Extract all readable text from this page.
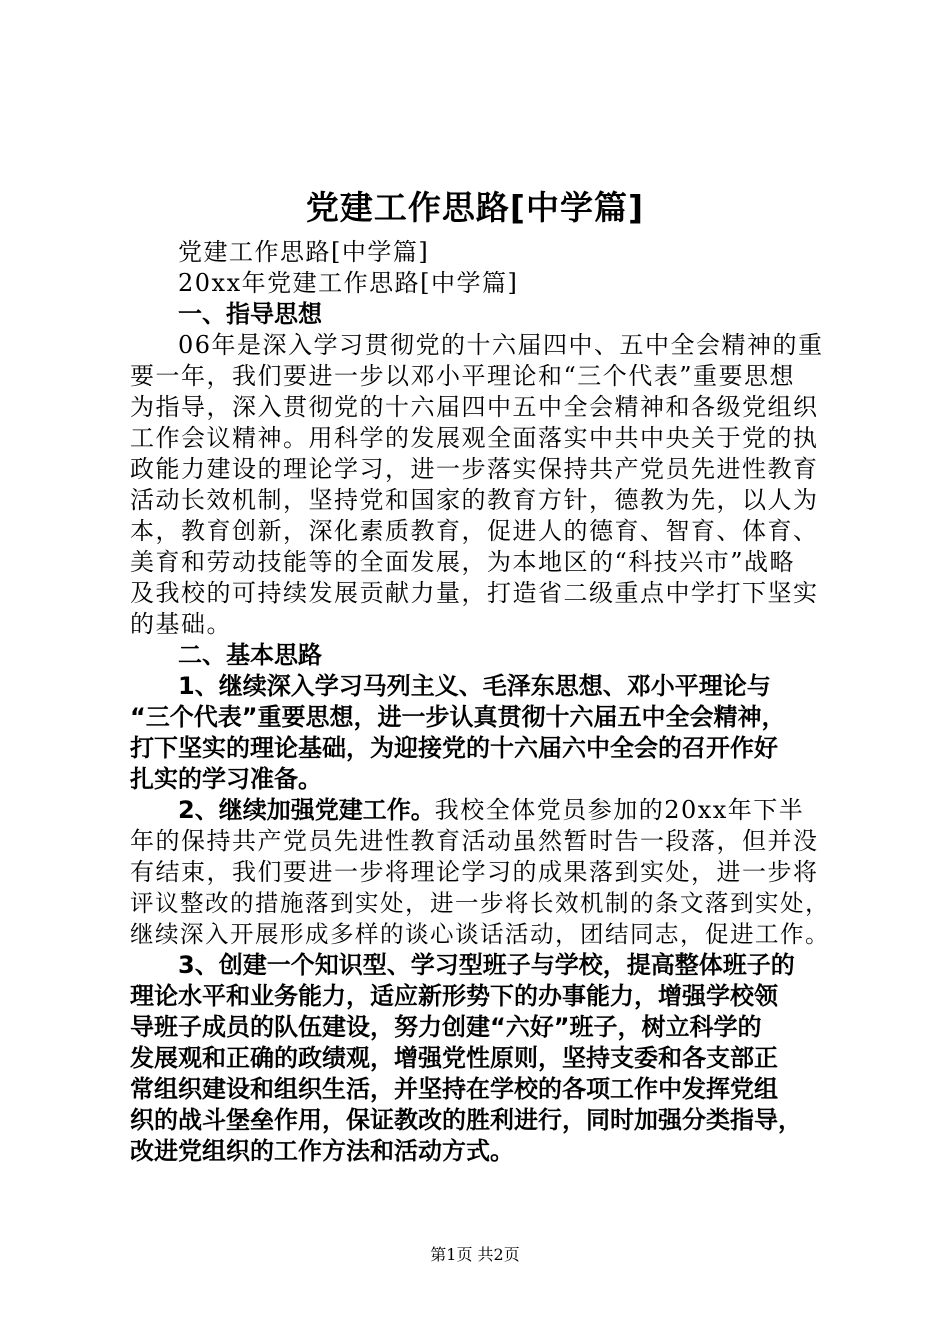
党建工作思路[中学篇]
党建工作思路[中学篇]
20xx年党建工作思路[中学篇]
一、指导思想
06年是深入学习贯彻党的十六届四中、五中全会精神的重
要一年，我们要进一步以邓小平理论和“三个代表”重要思想
为指导，深入贯彻党的十六届四中五中全会精神和各级党组织
工作会议精神。用科学的发展观全面落实中共中央关于党的执
政能力建设的理论学习，进一步落实保持共产党员先进性教育
活动长效机制，坚持党和国家的教育方针，德教为先，以人为
本，教育创新，深化素质教育，促进人的德育、智育、体育、
美育和劳动技能等的全面发展，为本地区的“科技兴市”战略
及我校的可持续发展贡献力量，打造省二级重点中学打下坚实
的基础。
二、基本思路
1、继续深入学习马列主义、毛泽东思想、邓小平理论与
“三个代表”重要思想，进一步认真贯彻十六届五中全会精神，
打下坚实的理论基础，为迎接党的十六届六中全会的召开作好
扎实的学习准备。
2、继续加强党建工作。我校全体党员参加的20xx年下半
年的保持共产党员先进性教育活动虽然暂时告一段落，但并没
有结束，我们要进一步将理论学习的成果落到实处，进一步将
评议整改的措施落到实处，进一步将长效机制的条文落到实处，
继续深入开展形成多样的谈心谈话活动，团结同志，促进工作。
3、创建一个知识型、学习型班子与学校，提高整体班子的
理论水平和业务能力，适应新形势下的办事能力，增强学校领
导班子成员的队伍建设，努力创建“六好”班子，树立科学的
发展观和正确的政绩观，增强党性原则，坚持支委和各支部正
常组织建设和组织生活，并坚持在学校的各项工作中发挥党组
织的战斗堡垒作用，保证教改的胜利进行，同时加强分类指导，
改进党组织的工作方法和活动方式。
第1页 共2页
